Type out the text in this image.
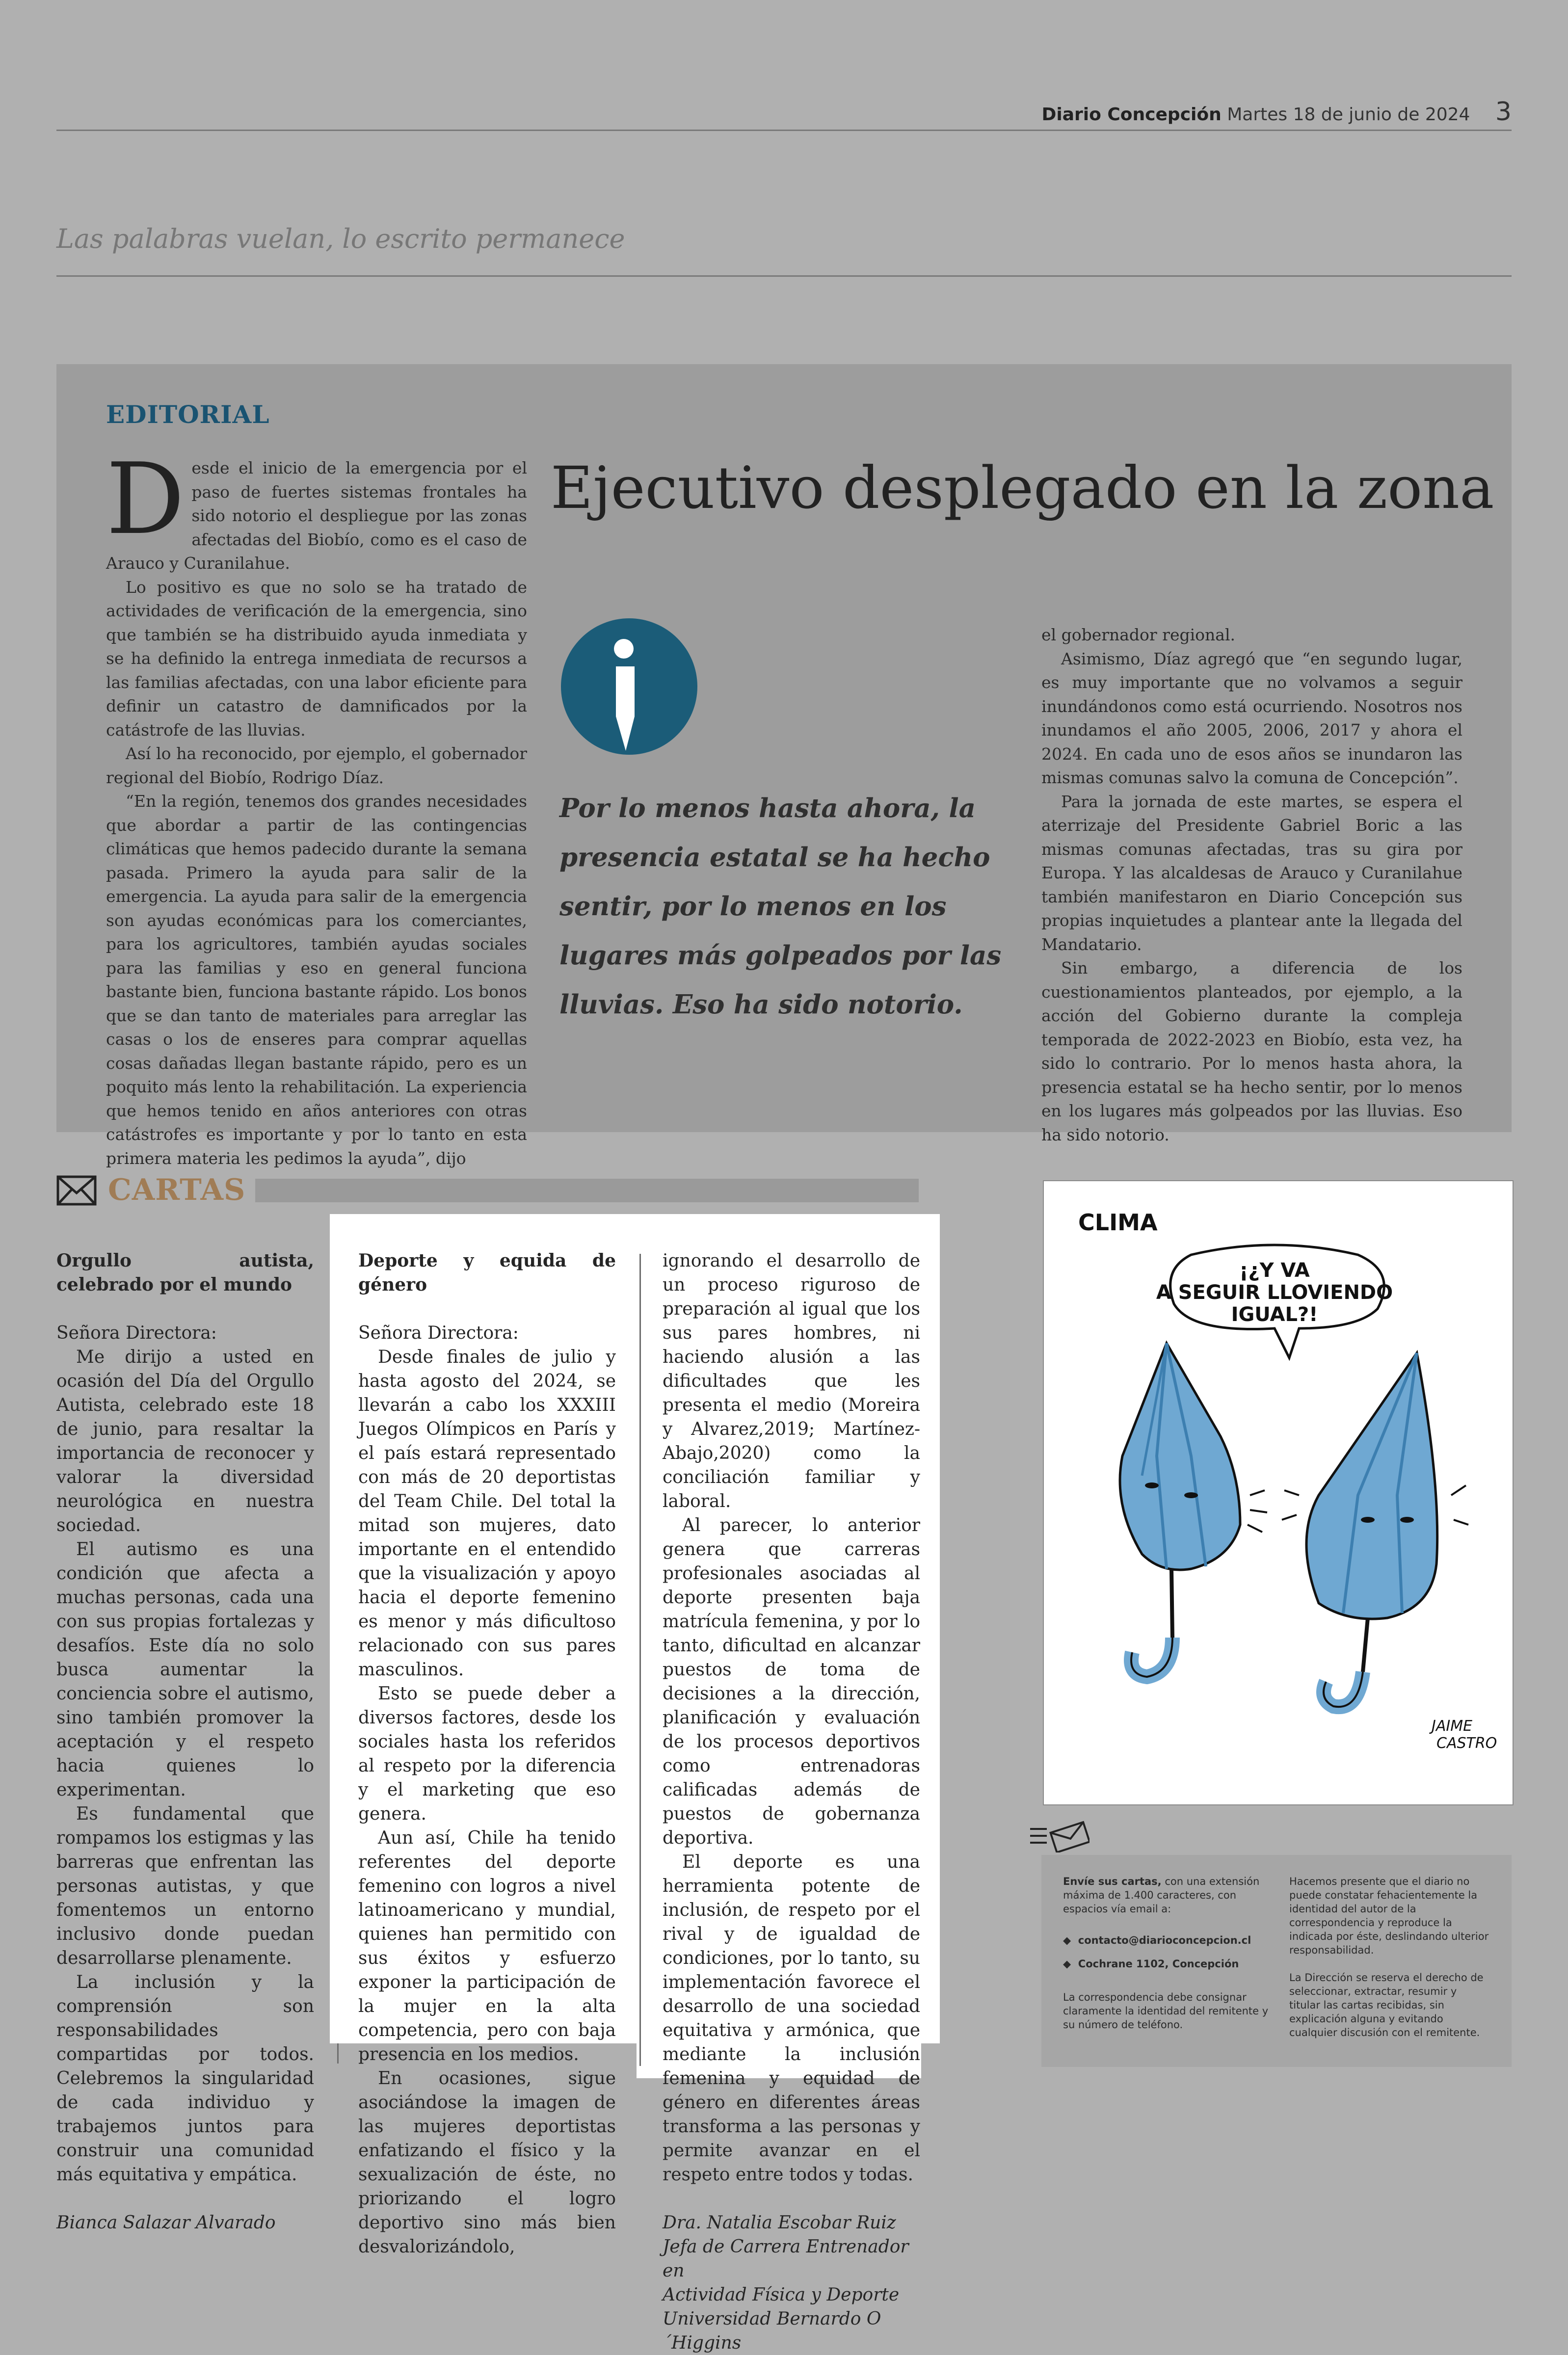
Diario Concepción Martes 18 de junio de 2024 3
Las palabras vuelan, lo escrito permanece
EDITORIAL
Ejecutivo desplegado en la zona

Desde el inicio de la emergencia por el paso de fuertes sistemas frontales ha sido notorio el despliegue por las zonas afectadas del Biobío, como es el caso de Arauco y Curanilahue.

Lo positivo es que no solo se ha tratado de actividades de verificación de la emergencia, sino que también se ha distribuido ayuda inmediata y se ha definido la entrega inmediata de recursos a las familias afectadas, con una labor eficiente para definir un catastro de damnificados por la catástrofe de las lluvias.

Así lo ha reconocido, por ejemplo, el gobernador regional del Biobío, Rodrigo Díaz.

“En la región, tenemos dos grandes necesidades que abordar a partir de las contingencias climáticas que hemos padecido durante la semana pasada. Primero la ayuda para salir de la emergencia. La ayuda para salir de la emergencia son ayudas económicas para los comerciantes, para los agricultores, también ayudas sociales para las familias y eso en general funciona bastante bien, funciona bastante rápido. Los bonos que se dan tanto de materiales para arreglar las casas o los de enseres para comprar aquellas cosas dañadas llegan bastante rápido, pero es un poquito más lento la rehabilitación. La experiencia que hemos tenido en años anteriores con otras catástrofes es importante y por lo tanto en esta primera materia les pedimos la ayuda”, dijo

Por lo menos hasta ahora, la presencia estatal se ha hecho sentir, por lo menos en los lugares más golpeados por las lluvias. Eso ha sido notorio.

el gobernador regional.

Asimismo, Díaz agregó que “en segundo lugar, es muy importante que no volvamos a seguir inundándonos como está ocurriendo. Nosotros nos inundamos el año 2005, 2006, 2017 y ahora el 2024. En cada uno de esos años se inundaron las mismas comunas salvo la comuna de Concepción”.

Para la jornada de este martes, se espera el aterrizaje del Presidente Gabriel Boric a las mismas comunas afectadas, tras su gira por Europa. Y las alcaldesas de Arauco y Curanilahue también manifestaron en Diario Concepción sus propias inquietudes a plantear ante la llegada del Mandatario.

Sin embargo, a diferencia de los cuestionamientos planteados, por ejemplo, a la acción del Gobierno durante la compleja temporada de 2022-2023 en Biobío, esta vez, ha sido lo contrario. Por lo menos hasta ahora, la presencia estatal se ha hecho sentir, por lo menos en los lugares más golpeados por las lluvias. Eso ha sido notorio.

CARTAS
Orgullo autista, celebrado por el mundo

Señora Directora:

Me dirijo a usted en ocasión del Día del Orgullo Autista, celebrado este 18 de junio, para resaltar la importancia de reconocer y valorar la diversidad neurológica en nuestra sociedad.

El autismo es una condición que afecta a muchas personas, cada una con sus propias fortalezas y desafíos. Este día no solo busca aumentar la conciencia sobre el autismo, sino también promover la aceptación y el respeto hacia quienes lo experimentan.

Es fundamental que rompamos los estigmas y las barreras que enfrentan las personas autistas, y que fomentemos un entorno inclusivo donde puedan desarrollarse plenamente.

La inclusión y la comprensión son responsabilidades compartidas por todos. Celebremos la singularidad de cada individuo y trabajemos juntos para construir una comunidad más equitativa y empática.

Bianca Salazar Alvarado

Deporte y equida de género

Señora Directora:

Desde finales de julio y hasta agosto del 2024, se llevarán a cabo los XXXIII Juegos Olímpicos en París y el país estará representado con más de 20 deportistas del Team Chile. Del total la mitad son mujeres, dato importante en el entendido que la visualización y apoyo hacia el deporte femenino es menor y más dificultoso relacionado con sus pares masculinos.

Esto se puede deber a diversos factores, desde los sociales hasta los referidos al respeto por la diferencia y el marketing que eso genera.

Aun así, Chile ha tenido referentes del deporte femenino con logros a nivel latinoamericano y mundial, quienes han permitido con sus éxitos y esfuerzo exponer la participación de la mujer en la alta competencia, pero con baja presencia en los medios.

En ocasiones, sigue asociándose la imagen de las mujeres deportistas enfatizando el físico y la sexualización de éste, no priorizando el logro deportivo sino más bien desvalorizándolo,

ignorando el desarrollo de un proceso riguroso de preparación al igual que los sus pares hombres, ni haciendo alusión a las dificultades que les presenta el medio (Moreira y Alvarez,2019; Martínez-Abajo,2020) como la conciliación familiar y laboral.

Al parecer, lo anterior genera que carreras profesionales asociadas al deporte presenten baja matrícula femenina, y por lo tanto, dificultad en alcanzar puestos de toma de decisiones a la dirección, planificación y evaluación de los procesos deportivos como entrenadoras calificadas además de puestos de gobernanza deportiva.

El deporte es una herramienta potente de inclusión, de respeto por el rival y de igualdad de condiciones, por lo tanto, su implementación favorece el desarrollo de una sociedad equitativa y armónica, que mediante la inclusión femenina y equidad de género en diferentes áreas transforma a las personas y permite avanzar en el respeto entre todos y todas.

Dra. Natalia Escobar Ruiz

Jefa de Carrera Entrenador en

Actividad Física y Deporte

Universidad Bernardo O´Higgins

CLIMA
¡¿Y VA
A SEGUIR LLOVIENDO
IGUAL?!
JAIME
CASTRO
Envíe sus cartas, con una extensión máxima de 1.400 caracteres, con espacios vía email a:
◆  contacto@diarioconcepcion.cl
◆  Cochrane 1102, Concepción
La correspondencia debe consignar claramente la identidad del remitente y su número de teléfono.
Hacemos presente que el diario no puede constatar fehacientemente la identidad del autor de la correspondencia y reproduce la indicada por éste, deslindando ulterior responsabilidad.
La Dirección se reserva el derecho de seleccionar, extractar, resumir y titular las cartas recibidas, sin explicación alguna y evitando cualquier discusión con el remitente.
